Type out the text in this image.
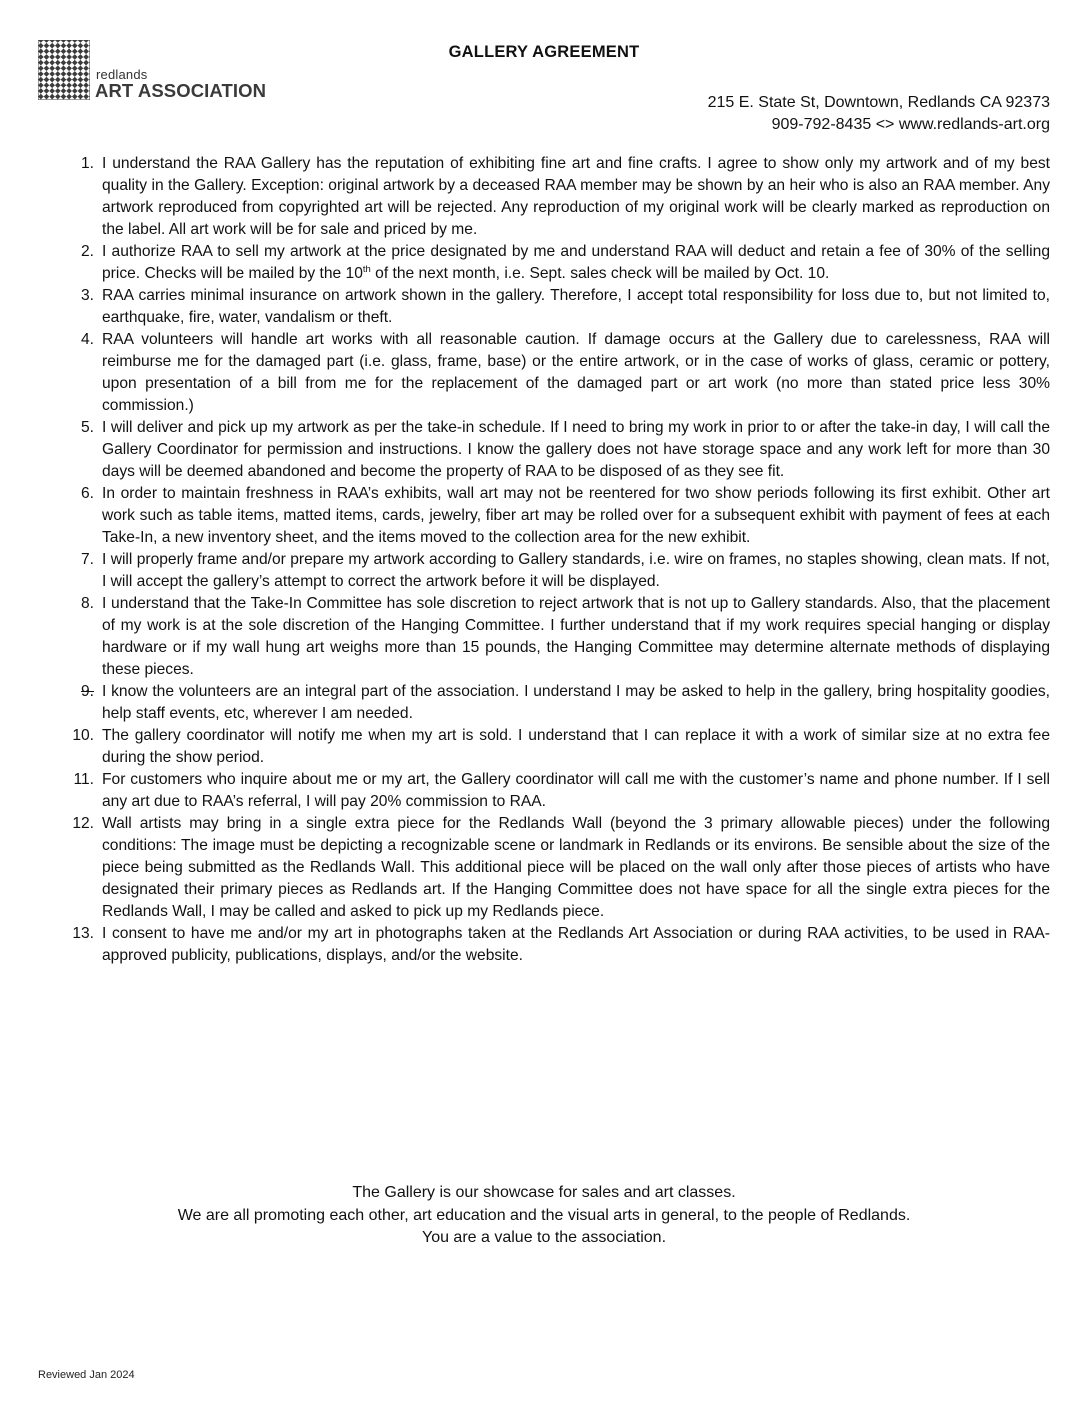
redlands
ART ASSOCIATION
GALLERY AGREEMENT
215 E. State St, Downtown, Redlands CA 92373
909-792-8435 <> www.redlands-art.org
1. I understand the RAA Gallery has the reputation of exhibiting fine art and fine crafts. I agree to show only my artwork and of my best quality in the Gallery. Exception: original artwork by a deceased RAA member may be shown by an heir who is also an RAA member. Any artwork reproduced from copyrighted art will be rejected. Any reproduction of my original work will be clearly marked as reproduction on the label. All art work will be for sale and priced by me.
2. I authorize RAA to sell my artwork at the price designated by me and understand RAA will deduct and retain a fee of 30% of the selling price. Checks will be mailed by the 10th of the next month, i.e. Sept. sales check will be mailed by Oct. 10.
3. RAA carries minimal insurance on artwork shown in the gallery. Therefore, I accept total responsibility for loss due to, but not limited to, earthquake, fire, water, vandalism or theft.
4. RAA volunteers will handle art works with all reasonable caution. If damage occurs at the Gallery due to carelessness, RAA will reimburse me for the damaged part (i.e. glass, frame, base) or the entire artwork, or in the case of works of glass, ceramic or pottery, upon presentation of a bill from me for the replacement of the damaged part or art work (no more than stated price less 30% commission.)
5. I will deliver and pick up my artwork as per the take-in schedule. If I need to bring my work in prior to or after the take-in day, I will call the Gallery Coordinator for permission and instructions. I know the gallery does not have storage space and any work left for more than 30 days will be deemed abandoned and become the property of RAA to be disposed of as they see fit.
6. In order to maintain freshness in RAA’s exhibits, wall art may not be reentered for two show periods following its first exhibit. Other art work such as table items, matted items, cards, jewelry, fiber art may be rolled over for a subsequent exhibit with payment of fees at each Take-In, a new inventory sheet, and the items moved to the collection area for the new exhibit.
7. I will properly frame and/or prepare my artwork according to Gallery standards, i.e. wire on frames, no staples showing, clean mats. If not, I will accept the gallery’s attempt to correct the artwork before it will be displayed.
8. I understand that the Take-In Committee has sole discretion to reject artwork that is not up to Gallery standards. Also, that the placement of my work is at the sole discretion of the Hanging Committee. I further understand that if my work requires special hanging or display hardware or if my wall hung art weighs more than 15 pounds, the Hanging Committee may determine alternate methods of displaying these pieces.
9. I know the volunteers are an integral part of the association. I understand I may be asked to help in the gallery, bring hospitality goodies, help staff events, etc, wherever I am needed.
10. The gallery coordinator will notify me when my art is sold. I understand that I can replace it with a work of similar size at no extra fee during the show period.
11. For customers who inquire about me or my art, the Gallery coordinator will call me with the customer’s name and phone number. If I sell any art due to RAA’s referral, I will pay 20% commission to RAA.
12. Wall artists may bring in a single extra piece for the Redlands Wall (beyond the 3 primary allowable pieces) under the following conditions: The image must be depicting a recognizable scene or landmark in Redlands or its environs. Be sensible about the size of the piece being submitted as the Redlands Wall. This additional piece will be placed on the wall only after those pieces of artists who have designated their primary pieces as Redlands art. If the Hanging Committee does not have space for all the single extra pieces for the Redlands Wall, I may be called and asked to pick up my Redlands piece.
13. I consent to have me and/or my art in photographs taken at the Redlands Art Association or during RAA activities, to be used in RAA-approved publicity, publications, displays, and/or the website.
The Gallery is our showcase for sales and art classes.
We are all promoting each other, art education and the visual arts in general, to the people of Redlands.
You are a value to the association.
Reviewed Jan 2024
